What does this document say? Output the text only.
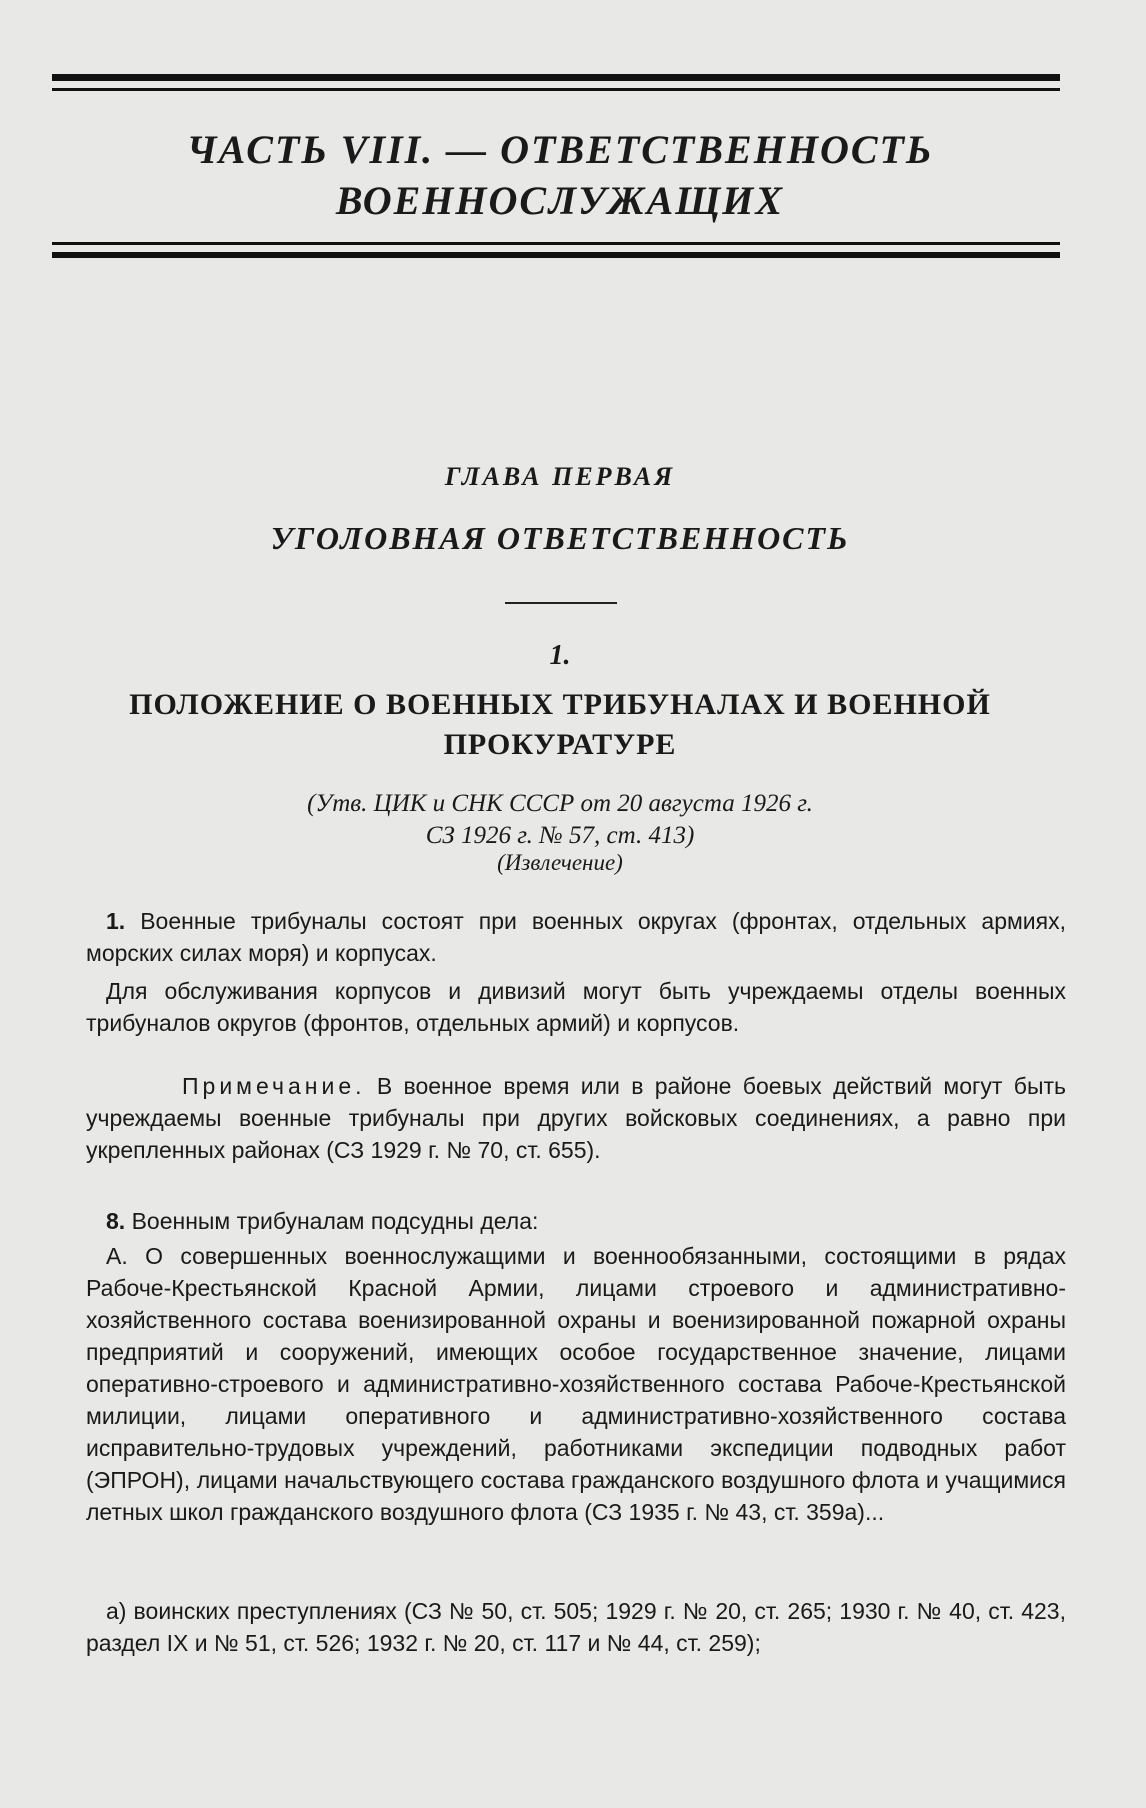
ЧАСТЬ VIII. — ОТВЕТСТВЕННОСТЬ
ВОЕННОСЛУЖАЩИХ
ГЛАВА ПЕРВАЯ
УГОЛОВНАЯ ОТВЕТСТВЕННОСТЬ
1.
ПОЛОЖЕНИЕ О ВОЕННЫХ ТРИБУНАЛАХ И ВОЕННОЙ
ПРОКУРАТУРЕ
(Утв. ЦИК и СНК СССР от 20 августа 1926 г.
СЗ 1926 г. № 57, ст. 413)
(Извлечение)
1. Военные трибуналы состоят при военных округах (фронтах, отдельных армиях, морских силах моря) и корпусах.
Для обслуживания корпусов и дивизий могут быть учреждаемы отделы военных трибуналов округов (фронтов, отдельных армий) и корпусов.
Примечание. В военное время или в районе боевых действий могут быть учреждаемы военные трибуналы при других войсковых соединениях, а равно при укрепленных районах (СЗ 1929 г. № 70, ст. 655).
8. Военным трибуналам подсудны дела:
А. О совершенных военнослужащими и военнообязанными, состоящими в рядах Рабоче-Крестьянской Красной Армии, лицами строевого и административно-хозяйственного состава военизированной охраны и военизированной пожарной охраны предприятий и сооружений, имеющих особое государственное значение, лицами оперативно-строевого и административно-хозяйственного состава Рабоче-Крестьянской милиции, лицами оперативного и административно-хозяйственного состава исправительно-трудовых учреждений, работниками экспедиции подводных работ (ЭПРОН), лицами начальствующего состава гражданского воздушного флота и учащимися летных школ гражданского воздушного флота (СЗ 1935 г. № 43, ст. 359а)...
а) воинских преступлениях (СЗ № 50, ст. 505; 1929 г. № 20, ст. 265; 1930 г. № 40, ст. 423, раздел IX и № 51, ст. 526; 1932 г. № 20, ст. 117 и № 44, ст. 259);
